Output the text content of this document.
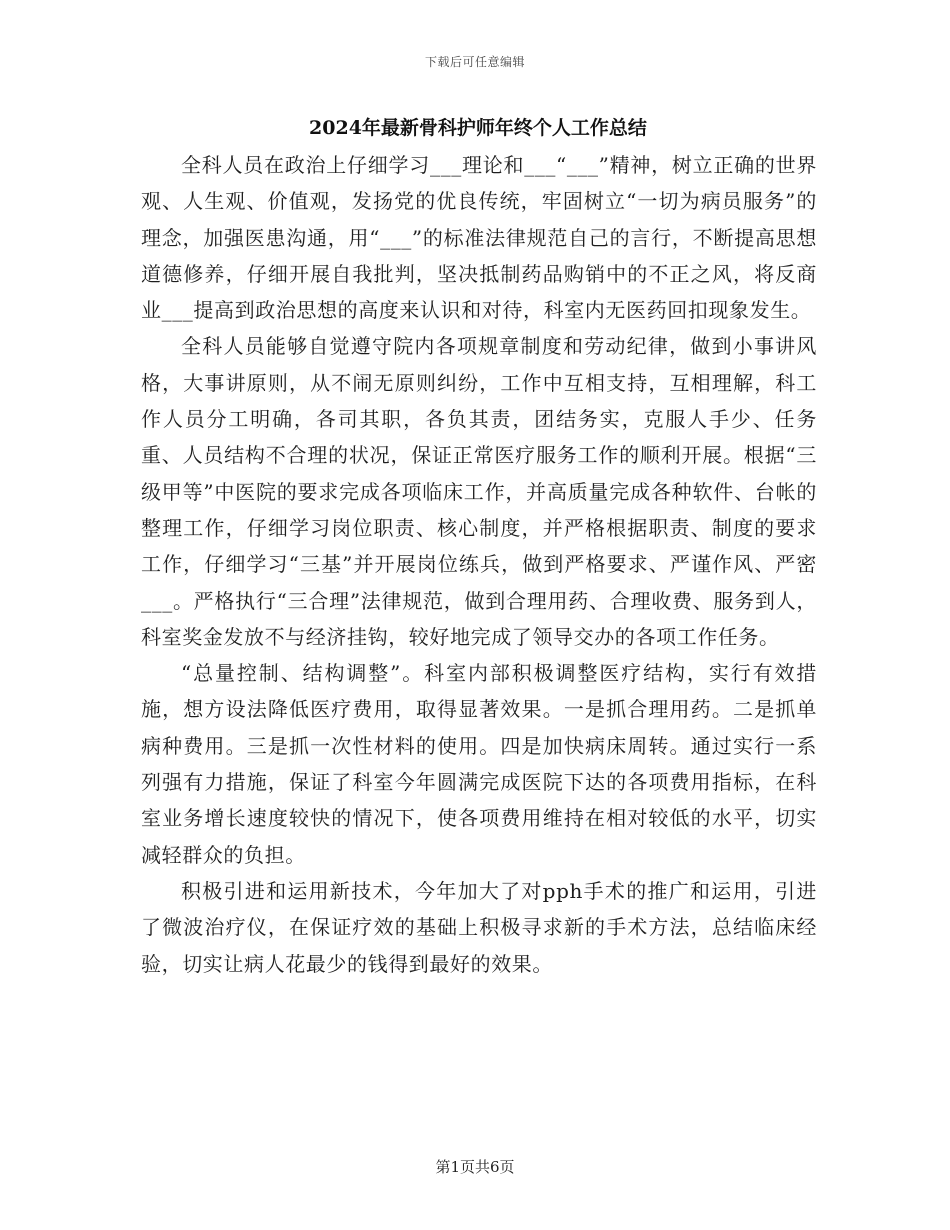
下载后可任意编辑
2024年最新骨科护师年终个人工作总结

全科人员在政治上仔细学习___理论和___“___”精神，树立正确的世界观、人生观、价值观，发扬党的优良传统，牢固树立“一切为病员服务”的理念，加强医患沟通，用“___”的标准法律规范自己的言行，不断提高思想道德修养，仔细开展自我批判，坚决抵制药品购销中的不正之风，将反商业___提高到政治思想的高度来认识和对待，科室内无医药回扣现象发生。

全科人员能够自觉遵守院内各项规章制度和劳动纪律，做到小事讲风格，大事讲原则，从不闹无原则纠纷，工作中互相支持，互相理解，科工作人员分工明确，各司其职，各负其责，团结务实，克服人手少、任务重、人员结构不合理的状况，保证正常医疗服务工作的顺利开展。根据“三级甲等”中医院的要求完成各项临床工作，并高质量完成各种软件、台帐的整理工作，仔细学习岗位职责、核心制度，并严格根据职责、制度的要求工作，仔细学习“三基”并开展岗位练兵，做到严格要求、严谨作风、严密___。严格执行“三合理”法律规范，做到合理用药、合理收费、服务到人，科室奖金发放不与经济挂钩，较好地完成了领导交办的各项工作任务。

“总量控制、结构调整”。科室内部积极调整医疗结构，实行有效措施，想方设法降低医疗费用，取得显著效果。一是抓合理用药。二是抓单病种费用。三是抓一次性材料的使用。四是加快病床周转。通过实行一系列强有力措施，保证了科室今年圆满完成医院下达的各项费用指标，在科室业务增长速度较快的情况下，使各项费用维持在相对较低的水平，切实减轻群众的负担。

积极引进和运用新技术，今年加大了对pph手术的推广和运用，引进了微波治疗仪，在保证疗效的基础上积极寻求新的手术方法，总结临床经验，切实让病人花最少的钱得到最好的效果。

第1页共6页
